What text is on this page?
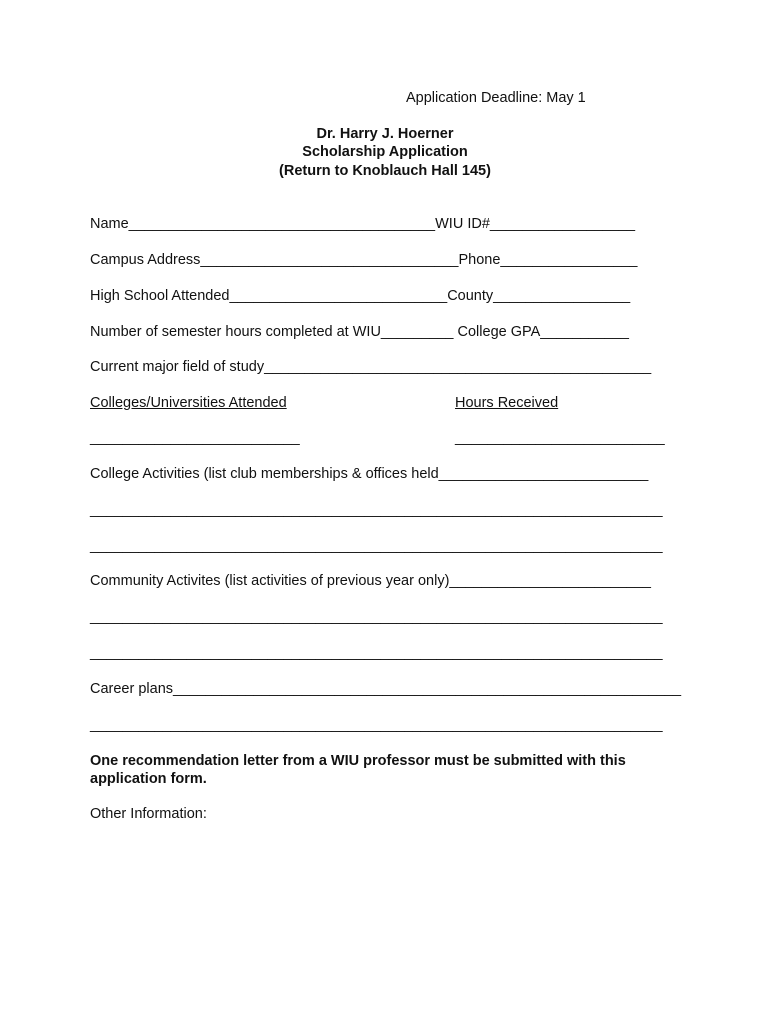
Application Deadline: May 1
Dr. Harry J. Hoerner
Scholarship Application
(Return to Knoblauch Hall 145)
Name______________________________________WIU ID#__________________
Campus Address________________________________Phone_________________
High School Attended___________________________County_________________
Number of semester hours completed at WIU_________ College GPA___________
Current major field of study________________________________________________
Colleges/Universities Attended	Hours Received
__________________________	__________________________
College Activities (list club memberships & offices held__________________________
_______________________________________________________________________
_______________________________________________________________________
Community Activites (list activities of previous year only)_________________________
_______________________________________________________________________
_______________________________________________________________________
Career plans_______________________________________________________________
_______________________________________________________________________
One recommendation letter from a WIU professor must be submitted with this
application form.
Other Information:
